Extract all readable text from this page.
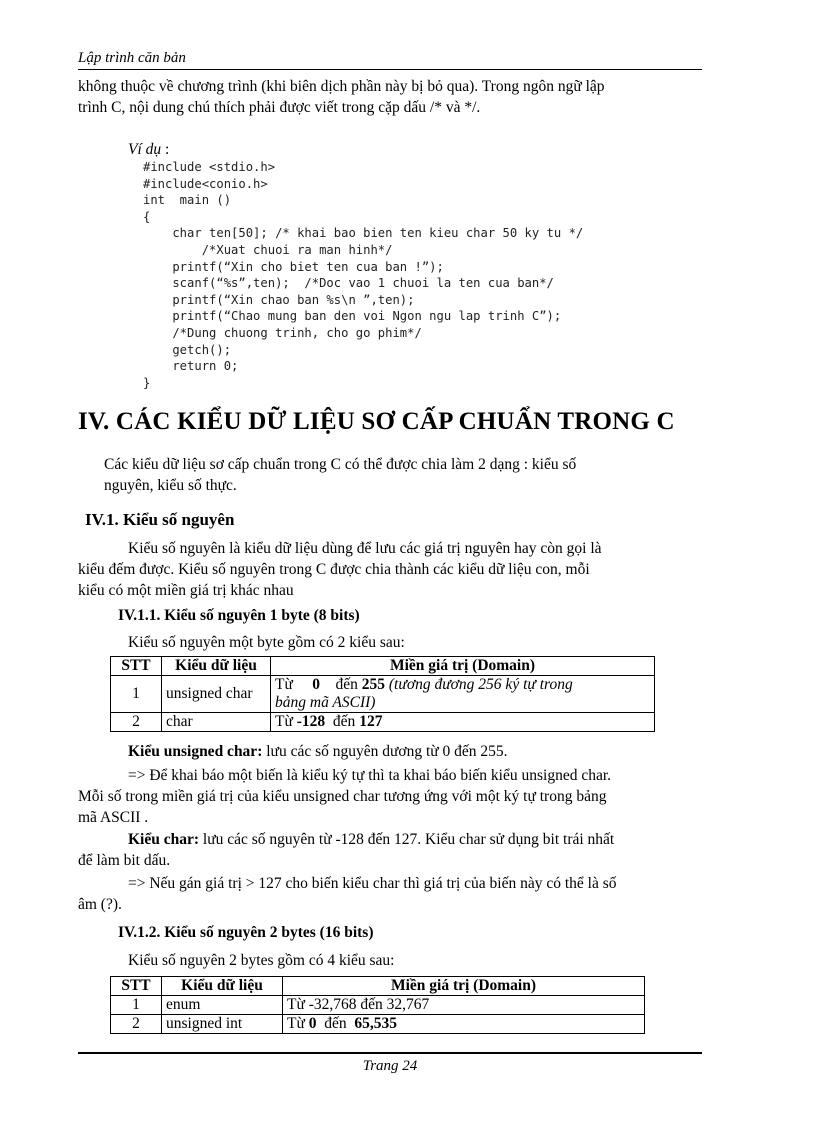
Lập trình căn bản
không thuộc về chương trình (khi biên dịch phần này bị bỏ qua). Trong ngôn ngữ lập
trình C, nội dung chú thích phải được viết trong cặp dấu /* và */.
Ví dụ :
#include <stdio.h>
#include<conio.h>
int  main ()
{
char ten[50]; /* khai bao bien ten kieu char 50 ky tu */
/*Xuat chuoi ra man hinh*/
printf(“Xin cho biet ten cua ban !”);
scanf(“%s”,ten);  /*Doc vao 1 chuoi la ten cua ban*/
printf(“Xin chao ban %s\n ”,ten);
printf(“Chao mung ban den voi Ngon ngu lap trinh C”);
/*Dung chuong trinh, cho go phim*/
getch();
return 0;
}
IV. CÁC KIỂU DỮ LIỆU SƠ CẤP CHUẨN TRONG C
Các kiểu dữ liệu sơ cấp chuẩn trong C có thể được chia làm 2 dạng : kiểu số
nguyên, kiểu số thực.
IV.1. Kiểu số nguyên
Kiểu số nguyên là kiểu dữ liệu dùng để lưu các giá trị nguyên hay còn gọi là
kiểu đếm được. Kiểu số nguyên trong C được chia thành các kiểu dữ liệu con, mỗi
kiểu có một miền giá trị khác nhau
IV.1.1. Kiểu số nguyên 1 byte (8 bits)
Kiểu số nguyên một byte gồm có 2 kiểu sau:
STT	Kiểu dữ liệu	Miền giá trị (Domain)
1	unsigned char	Từ 0 đến 255 (tương đương 256 ký tự trong
bảng mã ASCII)
2	char	Từ -128 đến 127
Kiểu unsigned char: lưu các số nguyên dương từ 0 đến 255.
=> Để khai báo một biến là kiểu ký tự thì ta khai báo biến kiểu unsigned char.
Mỗi số trong miền giá trị của kiểu unsigned char tương ứng với một ký tự trong bảng
mã ASCII .
Kiểu char: lưu các số nguyên từ -128 đến 127. Kiểu char sử dụng bit trái nhất
để làm bit dấu.
=> Nếu gán giá trị > 127 cho biến kiểu char thì giá trị của biến này có thể là số
âm (?).
IV.1.2. Kiểu số nguyên 2 bytes (16 bits)
Kiểu số nguyên 2 bytes gồm có 4 kiểu sau:
STT	Kiểu dữ liệu	Miền giá trị (Domain)
1	enum	Từ -32,768 đến 32,767
2	unsigned int	Từ 0 đến 65,535
Trang 24
